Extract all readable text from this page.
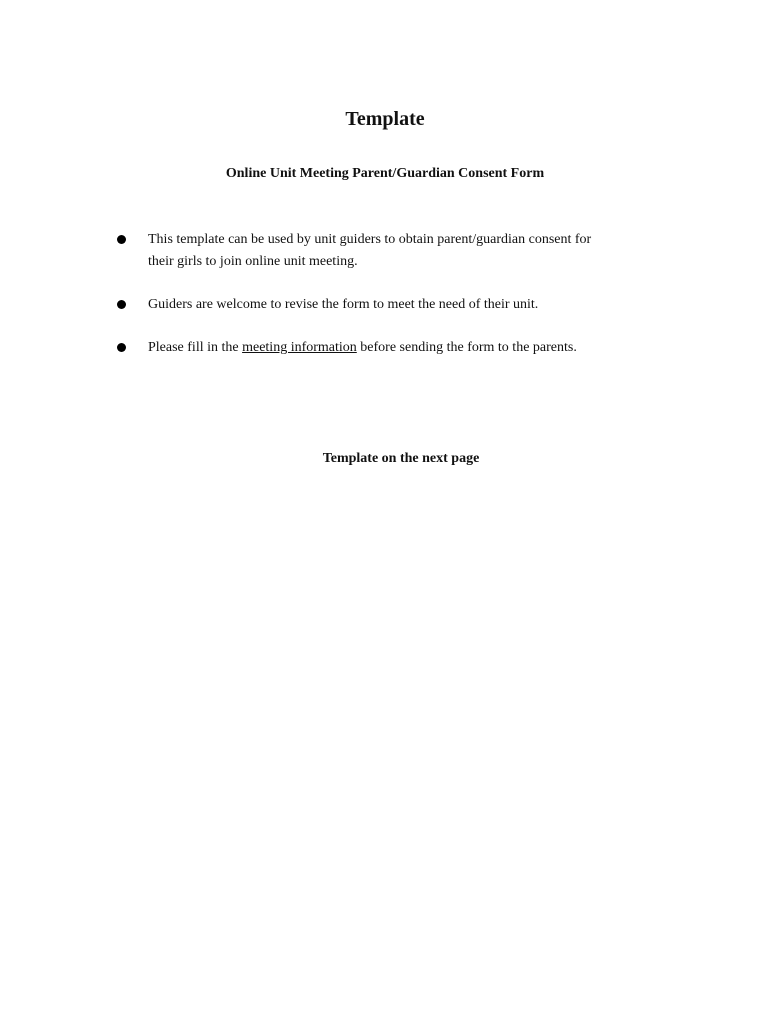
Template
Online Unit Meeting Parent/Guardian Consent Form
This template can be used by unit guiders to obtain parent/guardian consent for
their girls to join online unit meeting.
Guiders are welcome to revise the form to meet the need of their unit.
Please fill in the meeting information before sending the form to the parents.
Template on the next page
